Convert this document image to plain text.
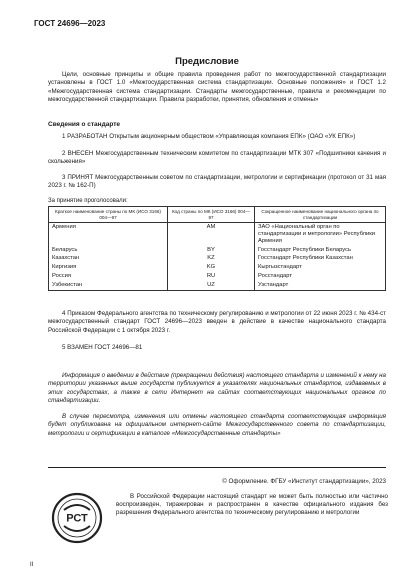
ГОСТ 24696—2023
Предисловие
Цели, основные принципы и общие правила проведения работ по межгосударственной стандартизации установлены в ГОСТ 1.0 «Межгосударственная система стандартизации. Основные положения» и ГОСТ 1.2 «Межгосударственная система стандартизации. Стандарты межгосударственные, правила и рекомендации по межгосударственной стандартизации. Правила разработки, принятия, обновления и отмены»
Сведения о стандарте
1 РАЗРАБОТАН Открытым акционерным обществом «Управляющая компания ЕПК» (ОАО «УК ЕПК»)
2 ВНЕСЕН Межгосударственным техническим комитетом по стандартизации МТК 307 «Подшипники качения и скольжения»
3 ПРИНЯТ Межгосударственным советом по стандартизации, метрологии и сертификации (протокол от 31 мая 2023 г. № 162-П)
За принятие проголосовали:
Краткое наименование страны по МК (ИСО 3166) 004—97	Код страны по МК (ИСО 3166) 004—97	Сокращенное наименование национального органа по стандартизации
Армения	AM	ЗАО «Национальный орган по стандартизации и метрологии» Республики Армения
Беларусь	BY	Госстандарт Республики Беларусь
Казахстан	KZ	Госстандарт Республики Казахстан
Киргизия	KG	Кыргызстандарт
Россия	RU	Росстандарт
Узбекистан	UZ	Узстандарт
4 Приказом Федерального агентства по техническому регулированию и метрологии от 22 июня 2023 г. № 434-ст межгосударственный стандарт ГОСТ 24696—2023 введен в действие в качестве национального стандарта Российской Федерации с 1 октября 2023 г.
5 ВЗАМЕН ГОСТ 24696—81
Информация о введении в действие (прекращении действия) настоящего стандарта и изменений к нему на территории указанных выше государств публикуется в указателях национальных стандартов, издаваемых в этих государствах, а также в сети Интернет на сайтах соответствующих национальных органов по стандартизации.
В случае пересмотра, изменения или отмены настоящего стандарта соответствующая информация будет опубликована на официальном интернет-сайте Межгосударственного совета по стандартизации, метрологии и сертификации в каталоге «Межгосударственные стандарты»
© Оформление. ФГБУ «Институт стандартизации», 2023
РСТ
В Российской Федерации настоящий стандарт не может быть полностью или частично воспроизведен, тиражирован и распространен в качестве официального издания без разрешения Федерального агентства по техническому регулированию и метрологии
II
